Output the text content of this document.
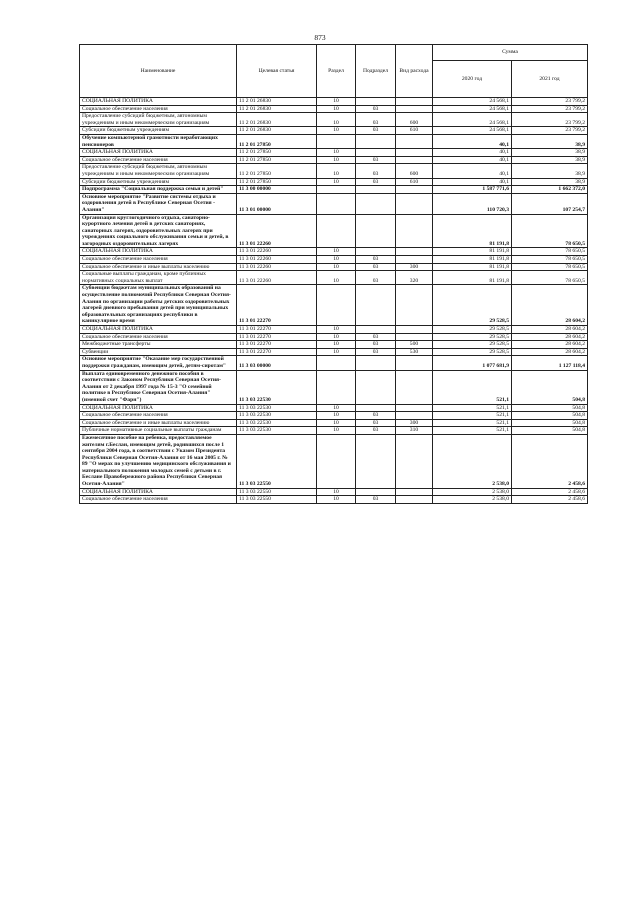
873
Наименование	Целевая статья	Раздел	Подраздел	Вид расхода	Сумма	
					2020 год	2021 год
СОЦИАЛЬНАЯ ПОЛИТИКА	11 2 01 26830	10			24 568,1	23 799,2
Социальное обеспечение населения	11 2 01 26830	10	03		24 568,1	23 799,2
Предоставление субсидий бюджетным, автономным учреждениям и иным некоммерческим организациям	11 2 01 26830	10	03	600	24 568,1	23 799,2
Субсидии бюджетным учреждениям	11 2 01 26830	10	03	610	24 568,1	23 799,2
Обучение компьютерной грамотности неработающих пенсионеров	11 2 01 27850				40,1	38,9
СОЦИАЛЬНАЯ ПОЛИТИКА	11 2 01 27850	10			40,1	38,9
Социальное обеспечение населения	11 2 01 27850	10	03		40,1	38,9
Предоставление субсидий бюджетным, автономным учреждениям и иным некоммерческим организациям	11 2 01 27850	10	03	600	40,1	38,9
Субсидии бюджетным учреждениям	11 2 01 27850	10	03	610	40,1	38,9
Подпрограмма "Социальная поддержка семьи и детей"	11 3 00 00000				1 587 771,6	1 662 372,0
Основное мероприятие "Развитие системы отдыха и оздоровления детей в Республике Северная Осетия - Алания"	11 3 01 00000				110 720,3	107 254,7
Организация круглогодичного отдыха, санаторно-курортного лечения детей в детских санаториях, санаторных лагерях, оздоровительных лагерях при учреждениях социального обслуживания семьи и детей, в загородных оздоровительных лагерях	11 3 01 22260				81 191,8	78 650,5
СОЦИАЛЬНАЯ ПОЛИТИКА	11 3 01 22260	10			81 191,8	78 650,5
Социальное обеспечение населения	11 3 01 22260	10	03		81 191,8	78 650,5
Социальное обеспечение и иные выплаты населению	11 3 01 22260	10	03	300	81 191,8	78 650,5
Социальные выплаты гражданам, кроме публичных нормативных социальных выплат	11 3 01 22260	10	03	320	81 191,8	78 650,5
Субвенции бюджетам муниципальных образований на осуществление полномочий Республики Северная Осетия-Алания по организации работы детских оздоровительных лагерей дневного пребывания детей при муниципальных образовательных организациях республики в каникулярное время	11 3 01 22270				29 528,5	28 604,2
СОЦИАЛЬНАЯ ПОЛИТИКА	11 3 01 22270	10			29 528,5	28 604,2
Социальное обеспечение населения	11 3 01 22270	10	03		29 528,5	28 604,2
Межбюджетные трансферты	11 3 01 22270	10	03	500	29 528,5	28 604,2
Субвенции	11 3 01 22270	10	03	530	29 528,5	28 604,2
Основное мероприятие "Оказание мер государственной поддержки гражданам, имеющим детей, детям-сиротам"	11 3 03 00000				1 077 681,9	1 127 118,4
Выплата единовременного денежного пособия в соответствии с Законом Республики Северная Осетия-Алания от 2 декабря 1997 года № 15-З "О семейной политике в Республике Северная Осетия-Алания" (именной счет "Фарн")	11 3 03 22530				521,1	504,8
СОЦИАЛЬНАЯ ПОЛИТИКА	11 3 03 22530	10			521,1	504,8
Социальное обеспечение населения	11 3 03 22530	10	03		521,1	504,8
Социальное обеспечение и иные выплаты населению	11 3 03 22530	10	03	300	521,1	504,8
Публичные нормативные социальные выплаты гражданам	11 3 03 22530	10	03	310	521,1	504,8
Ежемесячное пособие на ребенка, предоставляемое жителям г.Беслан, имеющим детей, родившихся после 1 сентября 2004 года, в соответствии с Указом Президента Республики Северная Осетия-Алания от 16 мая 2005 г. № 89 "О мерах по улучшению медицинского обслуживания и материального положения молодых семей с детьми в г. Беслане Правобережного района Республики Северная Осетия-Алания"	11 3 03 22550				2 538,0	2 458,6
СОЦИАЛЬНАЯ ПОЛИТИКА	11 3 03 22550	10			2 538,0	2 458,6
Социальное обеспечение населения	11 3 03 22550	10	03		2 538,0	2 458,6
